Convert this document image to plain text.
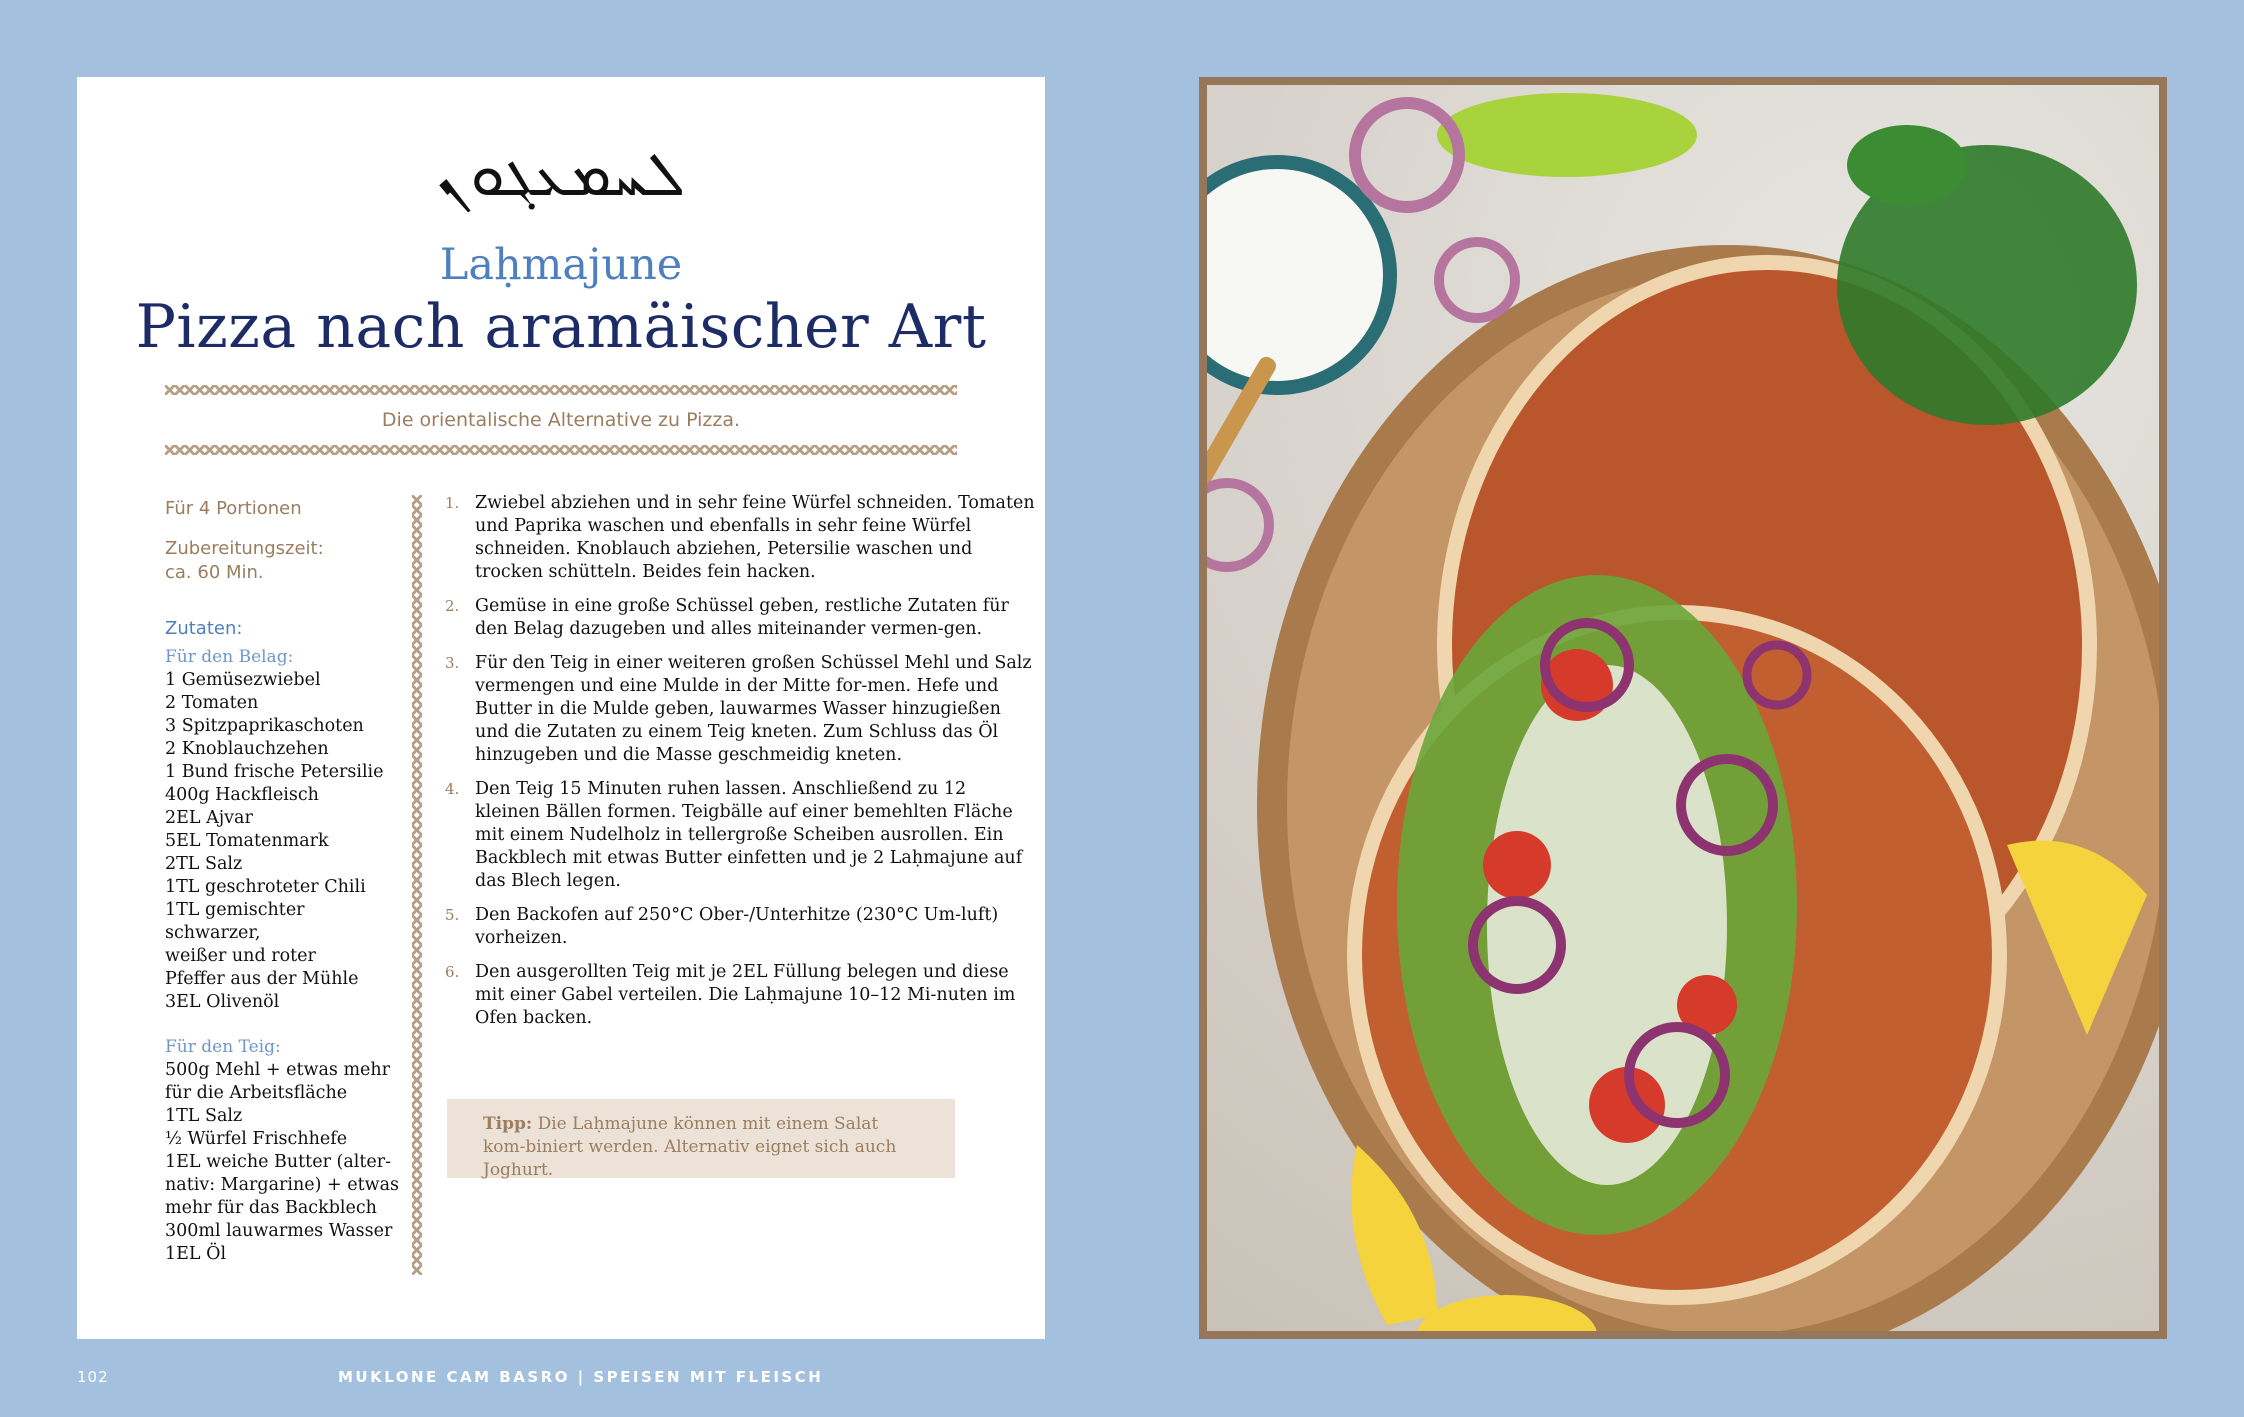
ܠܚܡܥܓܘܢ
Laḥmajune
Pizza nach aramäischer Art
Die orientalische Alternative zu Pizza.
Für 4 Portionen
Zubereitungszeit:
ca. 60 Min.
Zutaten:
Für den Belag:
1 Gemüsezwiebel
2 Tomaten
3 Spitzpaprikaschoten
2 Knoblauchzehen
1 Bund frische Petersilie
400g Hackfleisch
2EL Ajvar
5EL Tomatenmark
2TL Salz
1TL geschroteter Chili
1TL gemischter schwarzer,
weißer und roter
Pfeffer aus der Mühle
3EL Olivenöl
Für den Teig:
500g Mehl + etwas mehr
für die Arbeitsfläche
1TL Salz
½ Würfel Frischhefe
1EL weiche Butter (alter-
nativ: Margarine) + etwas
mehr für das Backblech
300ml lauwarmes Wasser
1EL Öl
1. Zwiebel abziehen und in sehr feine Würfel schneiden. Tomaten und Paprika waschen und ebenfalls in sehr feine Würfel schneiden. Knoblauch abziehen, Petersilie waschen und trocken schütteln. Beides fein hacken.
2. Gemüse in eine große Schüssel geben, restliche Zutaten für den Belag dazugeben und alles miteinander vermen-gen.
3. Für den Teig in einer weiteren großen Schüssel Mehl und Salz vermengen und eine Mulde in der Mitte for-men. Hefe und Butter in die Mulde geben, lauwarmes Wasser hinzugießen und die Zutaten zu einem Teig kneten. Zum Schluss das Öl hinzugeben und die Masse geschmeidig kneten.
4. Den Teig 15 Minuten ruhen lassen. Anschließend zu 12 kleinen Bällen formen. Teigbälle auf einer bemehlten Fläche mit einem Nudelholz in tellergroße Scheiben ausrollen. Ein Backblech mit etwas Butter einfetten und je 2 Laḥmajune auf das Blech legen.
5. Den Backofen auf 250°C Ober-/Unterhitze (230°C Um-luft) vorheizen.
6. Den ausgerollten Teig mit je 2EL Füllung belegen und diese mit einer Gabel verteilen. Die Laḥmajune 10–12 Mi-nuten im Ofen backen.
Tipp: Die Laḥmajune können mit einem Salat kom-biniert werden. Alternativ eignet sich auch Joghurt.
102	MUKLONE CAM BASRO | SPEISEN MIT FLEISCH
